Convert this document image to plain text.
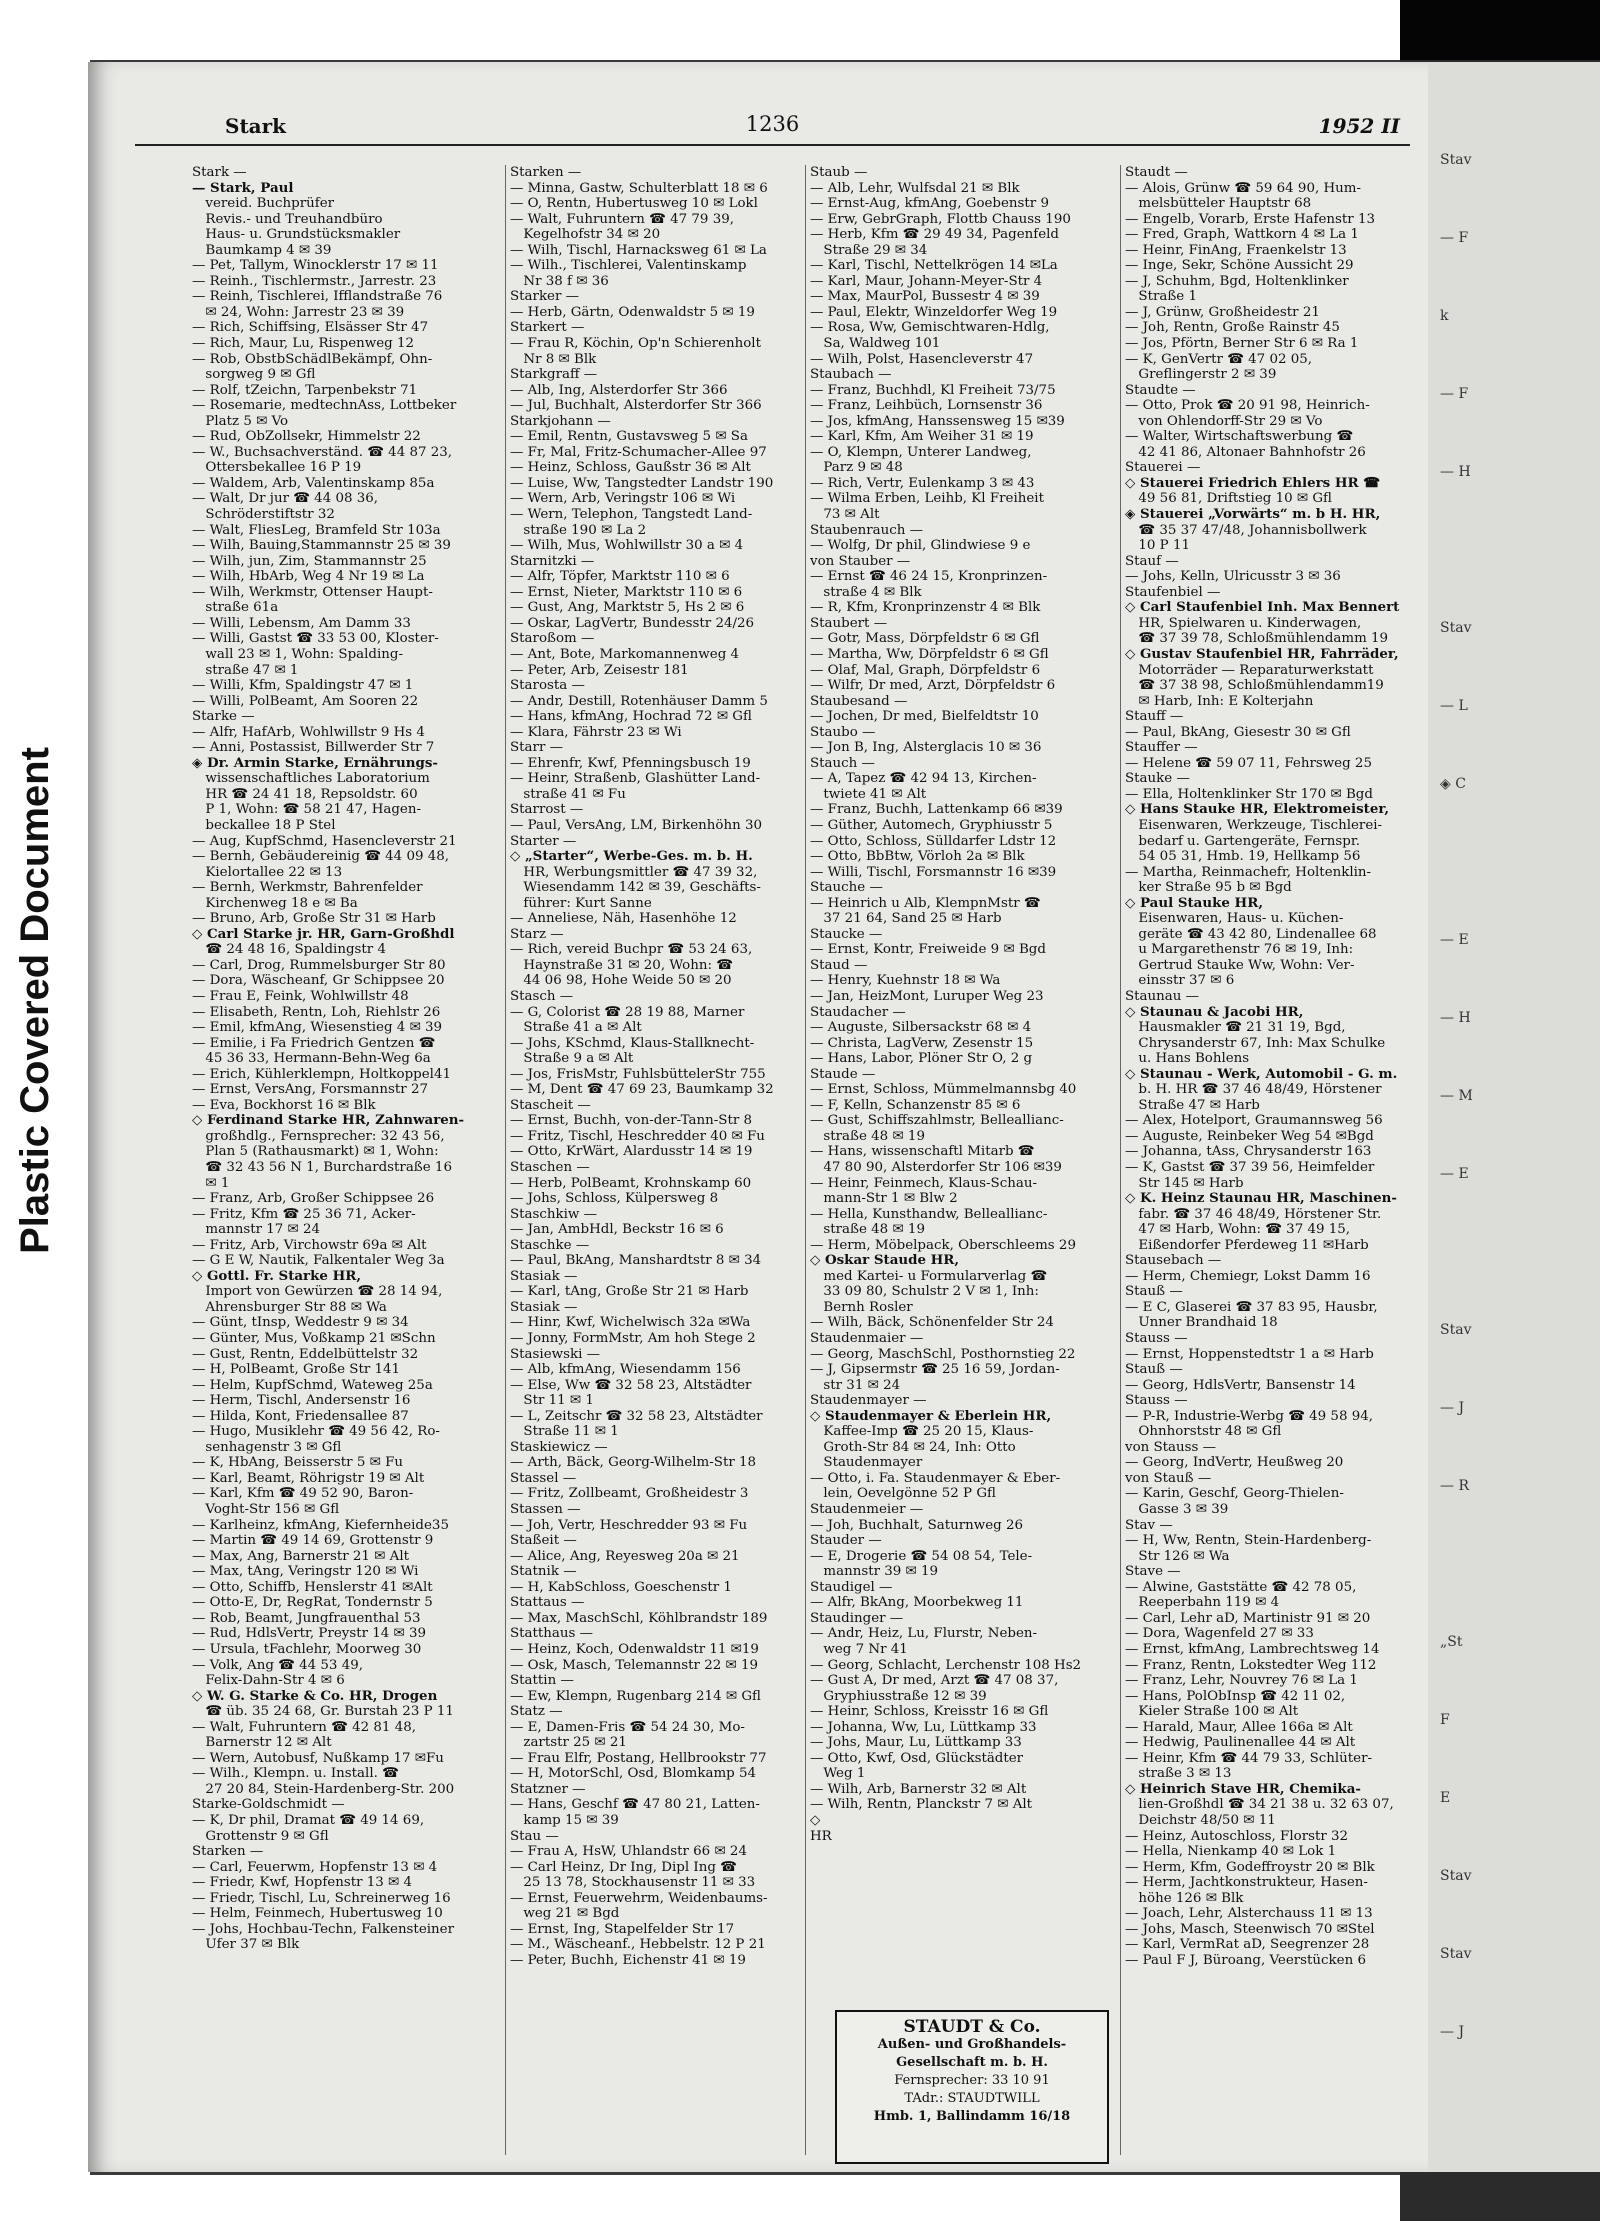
Plastic Covered Document
Stav
— F
k
— F
— H

Stav
— L
◈ C

— E
— H
— M
— E

Stav
— J
— R

„St
F
E
Stav
Stav
— J
Stark	1236	1952 II
Stark —
— Stark, Paul
 vereid. Buchprüfer
 Revis.- und Treuhandbüro
 Haus- u. Grundstücksmakler
 Baumkamp 4 ✉ 39
— Pet, Tallym, Winocklerstr 17 ✉ 11
— Reinh., Tischlermstr., Jarrestr. 23
— Reinh, Tischlerei, Ifflandstraße 76
 ✉ 24, Wohn: Jarrestr 23 ✉ 39
— Rich, Schiffsing, Elsässer Str 47
— Rich, Maur, Lu, Rispenweg 12
— Rob, ObstbSchädlBekämpf, Ohn-
 sorgweg 9 ✉ Gfl
— Rolf, tZeichn, Tarpenbekstr 71
— Rosemarie, medtechnAss, Lottbeker
 Platz 5 ✉ Vo
— Rud, ObZollsekr, Himmelstr 22
— W., Buchsachverständ. ☎ 44 87 23,
 Ottersbekallee 16 P 19
— Waldem, Arb, Valentinskamp 85a
— Walt, Dr jur ☎ 44 08 36,
 Schröderstiftstr 32
— Walt, FliesLeg, Bramfeld Str 103a
— Wilh, Bauing,Stammannstr 25 ✉ 39
— Wilh, jun, Zim, Stammannstr 25
— Wilh, HbArb, Weg 4 Nr 19 ✉ La
— Wilh, Werkmstr, Ottenser Haupt-
 straße 61a
— Willi, Lebensm, Am Damm 33
— Willi, Gastst ☎ 33 53 00, Kloster-
 wall 23 ✉ 1, Wohn: Spalding-
 straße 47 ✉ 1
— Willi, Kfm, Spaldingstr 47 ✉ 1
— Willi, PolBeamt, Am Sooren 22
Starke —
— Alfr, HafArb, Wohlwillstr 9 Hs 4
— Anni, Postassist, Billwerder Str 7
◈ Dr. Armin Starke, Ernährungs-
 wissenschaftliches Laboratorium
 HR ☎ 24 41 18, Repsoldstr. 60
 P 1, Wohn: ☎ 58 21 47, Hagen-
 beckallee 18 P Stel
— Aug, KupfSchmd, Hasencleverstr 21
— Bernh, Gebäudereinig ☎ 44 09 48,
 Kielortallee 22 ✉ 13
— Bernh, Werkmstr, Bahrenfelder
 Kirchenweg 18 e ✉ Ba
— Bruno, Arb, Große Str 31 ✉ Harb
◇ Carl Starke jr. HR, Garn-Großhdl
 ☎ 24 48 16, Spaldingstr 4
— Carl, Drog, Rummelsburger Str 80
— Dora, Wäscheanf, Gr Schippsee 20
— Frau E, Feink, Wohlwillstr 48
— Elisabeth, Rentn, Loh, Riehlstr 26
— Emil, kfmAng, Wiesenstieg 4 ✉ 39
— Emilie, i Fa Friedrich Gentzen ☎
 45 36 33, Hermann-Behn-Weg 6a
— Erich, Kühlerklempn, Holtkoppel41
— Ernst, VersAng, Forsmannstr 27
— Eva, Bockhorst 16 ✉ Blk
◇ Ferdinand Starke HR, Zahnwaren-
 großhdlg., Fernsprecher: 32 43 56,
 Plan 5 (Rathausmarkt) ✉ 1, Wohn:
 ☎ 32 43 56 N 1, Burchardstraße 16
 ✉ 1
— Franz, Arb, Großer Schippsee 26
— Fritz, Kfm ☎ 25 36 71, Acker-
 mannstr 17 ✉ 24
— Fritz, Arb, Virchowstr 69a ✉ Alt
— G E W, Nautik, Falkentaler Weg 3a
◇ Gottl. Fr. Starke HR,
 Import von Gewürzen ☎ 28 14 94,
 Ahrensburger Str 88 ✉ Wa
— Günt, tInsp, Weddestr 9 ✉ 34
— Günter, Mus, Voßkamp 21 ✉Schn
— Gust, Rentn, Eddelbüttelstr 32
— H, PolBeamt, Große Str 141
— Helm, KupfSchmd, Wateweg 25a
— Herm, Tischl, Andersenstr 16
— Hilda, Kont, Friedensallee 87
— Hugo, Musiklehr ☎ 49 56 42, Ro-
 senhagenstr 3 ✉ Gfl
— K, HbAng, Beisserstr 5 ✉ Fu
— Karl, Beamt, Röhrigstr 19 ✉ Alt
— Karl, Kfm ☎ 49 52 90, Baron-
 Voght-Str 156 ✉ Gfl
— Karlheinz, kfmAng, Kiefernheide35
— Martin ☎ 49 14 69, Grottenstr 9
— Max, Ang, Barnerstr 21 ✉ Alt
— Max, tAng, Veringstr 120 ✉ Wi
— Otto, Schiffb, Henslerstr 41 ✉Alt
— Otto-E, Dr, RegRat, Tondernstr 5
— Rob, Beamt, Jungfrauenthal 53
— Rud, HdlsVertr, Preystr 14 ✉ 39
— Ursula, tFachlehr, Moorweg 30
— Volk, Ang ☎ 44 53 49,
 Felix-Dahn-Str 4 ✉ 6
◇ W. G. Starke & Co. HR, Drogen
 ☎ üb. 35 24 68, Gr. Burstah 23 P 11
— Walt, Fuhruntern ☎ 42 81 48,
 Barnerstr 12 ✉ Alt
— Wern, Autobusf, Nußkamp 17 ✉Fu
— Wilh., Klempn. u. Install. ☎
 27 20 84, Stein-Hardenberg-Str. 200
Starke-Goldschmidt —
— K, Dr phil, Dramat ☎ 49 14 69,
 Grottenstr 9 ✉ Gfl
Starken —
— Carl, Feuerwm, Hopfenstr 13 ✉ 4
— Friedr, Kwf, Hopfenstr 13 ✉ 4
— Friedr, Tischl, Lu, Schreinerweg 16
— Helm, Feinmech, Hubertusweg 10
— Johs, Hochbau-Techn, Falkensteiner
 Ufer 37 ✉ Blk
Starken —
— Minna, Gastw, Schulterblatt 18 ✉ 6
— O, Rentn, Hubertusweg 10 ✉ Lokl
— Walt, Fuhruntern ☎ 47 79 39,
 Kegelhofstr 34 ✉ 20
— Wilh, Tischl, Harnacksweg 61 ✉ La
— Wilh., Tischlerei, Valentinskamp
 Nr 38 f ✉ 36
Starker —
— Herb, Gärtn, Odenwaldstr 5 ✉ 19
Starkert —
— Frau R, Köchin, Op'n Schierenholt
 Nr 8 ✉ Blk
Starkgraff —
— Alb, Ing, Alsterdorfer Str 366
— Jul, Buchhalt, Alsterdorfer Str 366
Starkjohann —
— Emil, Rentn, Gustavsweg 5 ✉ Sa
— Fr, Mal, Fritz-Schumacher-Allee 97
— Heinz, Schloss, Gaußstr 36 ✉ Alt
— Luise, Ww, Tangstedter Landstr 190
— Wern, Arb, Veringstr 106 ✉ Wi
— Wern, Telephon, Tangstedt Land-
 straße 190 ✉ La 2
— Wilh, Mus, Wohlwillstr 30 a ✉ 4
Starnitzki —
— Alfr, Töpfer, Marktstr 110 ✉ 6
— Ernst, Nieter, Marktstr 110 ✉ 6
— Gust, Ang, Marktstr 5, Hs 2 ✉ 6
— Oskar, LagVertr, Bundesstr 24/26
Staroßom —
— Ant, Bote, Markomannenweg 4
— Peter, Arb, Zeisestr 181
Starosta —
— Andr, Destill, Rotenhäuser Damm 5
— Hans, kfmAng, Hochrad 72 ✉ Gfl
— Klara, Fährstr 23 ✉ Wi
Starr —
— Ehrenfr, Kwf, Pfenningsbusch 19
— Heinr, Straßenb, Glashütter Land-
 straße 41 ✉ Fu
Starrost —
— Paul, VersAng, LM, Birkenhöhn 30
Starter —
◇ „Starter“, Werbe-Ges. m. b. H.
 HR, Werbungsmittler ☎ 47 39 32,
 Wiesendamm 142 ✉ 39, Geschäfts-
 führer: Kurt Sanne
— Anneliese, Näh, Hasenhöhe 12
Starz —
— Rich, vereid Buchpr ☎ 53 24 63,
 Haynstraße 31 ✉ 20, Wohn: ☎
 44 06 98, Hohe Weide 50 ✉ 20
Stasch —
— G, Colorist ☎ 28 19 88, Marner
 Straße 41 a ✉ Alt
— Johs, KSchmd, Klaus-Stallknecht-
 Straße 9 a ✉ Alt
— Jos, FrisMstr, FuhlsbüttelerStr 755
— M, Dent ☎ 47 69 23, Baumkamp 32
Stascheit —
— Ernst, Buchh, von-der-Tann-Str 8
— Fritz, Tischl, Heschredder 40 ✉ Fu
— Otto, KrWärt, Alardusstr 14 ✉ 19
Staschen —
— Herb, PolBeamt, Krohnskamp 60
— Johs, Schloss, Külpersweg 8
Staschkiw —
— Jan, AmbHdl, Beckstr 16 ✉ 6
Staschke —
— Paul, BkAng, Manshardtstr 8 ✉ 34
Stasiak —
— Karl, tAng, Große Str 21 ✉ Harb
Stasiak —
— Hinr, Kwf, Wichelwisch 32a ✉Wa
— Jonny, FormMstr, Am hoh Stege 2
Stasiewski —
— Alb, kfmAng, Wiesendamm 156
— Else, Ww ☎ 32 58 23, Altstädter
 Str 11 ✉ 1
— L, Zeitschr ☎ 32 58 23, Altstädter
 Straße 11 ✉ 1
Staskiewicz —
— Arth, Bäck, Georg-Wilhelm-Str 18
Stassel —
— Fritz, Zollbeamt, Großheidestr 3
Stassen —
— Joh, Vertr, Heschredder 93 ✉ Fu
Staßeit —
— Alice, Ang, Reyesweg 20a ✉ 21
Statnik —
— H, KabSchloss, Goeschenstr 1
Stattaus —
— Max, MaschSchl, Köhlbrandstr 189
Statthaus —
— Heinz, Koch, Odenwaldstr 11 ✉19
— Osk, Masch, Telemannstr 22 ✉ 19
Stattin —
— Ew, Klempn, Rugenbarg 214 ✉ Gfl
Statz —
— E, Damen-Fris ☎ 54 24 30, Mo-
 zartstr 25 ✉ 21
— Frau Elfr, Postang, Hellbrookstr 77
— H, MotorSchl, Osd, Blomkamp 54
Statzner —
— Hans, Geschf ☎ 47 80 21, Latten-
 kamp 15 ✉ 39
Stau —
— Frau A, HsW, Uhlandstr 66 ✉ 24
— Carl Heinz, Dr Ing, Dipl Ing ☎
 25 13 78, Stockhausenstr 11 ✉ 33
— Ernst, Feuerwehrm, Weidenbaums-
 weg 21 ✉ Bgd
— Ernst, Ing, Stapelfelder Str 17
— M., Wäscheanf., Hebbelstr. 12 P 21
— Peter, Buchh, Eichenstr 41 ✉ 19
Staub —
— Alb, Lehr, Wulfsdal 21 ✉ Blk
— Ernst-Aug, kfmAng, Goebenstr 9
— Erw, GebrGraph, Flottb Chauss 190
— Herb, Kfm ☎ 29 49 34, Pagenfeld
 Straße 29 ✉ 34
— Karl, Tischl, Nettelkrögen 14 ✉La
— Karl, Maur, Johann-Meyer-Str 4
— Max, MaurPol, Bussestr 4 ✉ 39
— Paul, Elektr, Winzeldorfer Weg 19
— Rosa, Ww, Gemischtwaren-Hdlg,
 Sa, Waldweg 101
— Wilh, Polst, Hasencleverstr 47
Staubach —
— Franz, Buchhdl, Kl Freiheit 73/75
— Franz, Leihbüch, Lornsenstr 36
— Jos, kfmAng, Hanssensweg 15 ✉39
— Karl, Kfm, Am Weiher 31 ✉ 19
— O, Klempn, Unterer Landweg,
 Parz 9 ✉ 48
— Rich, Vertr, Eulenkamp 3 ✉ 43
— Wilma Erben, Leihb, Kl Freiheit
 73 ✉ Alt
Staubenrauch —
— Wolfg, Dr phil, Glindwiese 9 e
von Stauber —
— Ernst ☎ 46 24 15, Kronprinzen-
 straße 4 ✉ Blk
— R, Kfm, Kronprinzenstr 4 ✉ Blk
Staubert —
— Gotr, Mass, Dörpfeldstr 6 ✉ Gfl
— Martha, Ww, Dörpfeldstr 6 ✉ Gfl
— Olaf, Mal, Graph, Dörpfeldstr 6
— Wilfr, Dr med, Arzt, Dörpfeldstr 6
Staubesand —
— Jochen, Dr med, Bielfeldtstr 10
Staubo —
— Jon B, Ing, Alsterglacis 10 ✉ 36
Stauch —
— A, Tapez ☎ 42 94 13, Kirchen-
 twiete 41 ✉ Alt
— Franz, Buchh, Lattenkamp 66 ✉39
— Güther, Automech, Gryphiusstr 5
— Otto, Schloss, Sülldarfer Ldstr 12
— Otto, BbBtw, Vörloh 2a ✉ Blk
— Willi, Tischl, Forsmannstr 16 ✉39
Stauche —
— Heinrich u Alb, KlempnMstr ☎
 37 21 64, Sand 25 ✉ Harb
Staucke —
— Ernst, Kontr, Freiweide 9 ✉ Bgd
Staud —
— Henry, Kuehnstr 18 ✉ Wa
— Jan, HeizMont, Luruper Weg 23
Staudacher —
— Auguste, Silbersackstr 68 ✉ 4
— Christa, LagVerw, Zesenstr 15
— Hans, Labor, Plöner Str O, 2 g
Staude —
— Ernst, Schloss, Mümmelmannsbg 40
— F, Kelln, Schanzenstr 85 ✉ 6
— Gust, Schiffszahlmstr, Belleallianc-
 straße 48 ✉ 19
— Hans, wissenschaftl Mitarb ☎
 47 80 90, Alsterdorfer Str 106 ✉39
— Heinr, Feinmech, Klaus-Schau-
 mann-Str 1 ✉ Blw 2
— Hella, Kunsthandw, Belleallianc-
 straße 48 ✉ 19
— Herm, Möbelpack, Oberschleems 29
◇ Oskar Staude HR,
 med Kartei- u Formularverlag ☎
 33 09 80, Schulstr 2 V ✉ 1, Inh:
 Bernh Rosler
— Wilh, Bäck, Schönenfelder Str 24
Staudenmaier —
— Georg, MaschSchl, Posthornstieg 22
— J, Gipsermstr ☎ 25 16 59, Jordan-
 str 31 ✉ 24
Staudenmayer —
◇ Staudenmayer & Eberlein HR,
 Kaffee-Imp ☎ 25 20 15, Klaus-
 Groth-Str 84 ✉ 24, Inh: Otto
 Staudenmayer
— Otto, i. Fa. Staudenmayer & Eber-
 lein, Oevelgönne 52 P Gfl
Staudenmeier —
— Joh, Buchhalt, Saturnweg 26
Stauder —
— E, Drogerie ☎ 54 08 54, Tele-
 mannstr 39 ✉ 19
Staudigel —
— Alfr, BkAng, Moorbekweg 11
Staudinger —
— Andr, Heiz, Lu, Flurstr, Neben-
 weg 7 Nr 41
— Georg, Schlacht, Lerchenstr 108 Hs2
— Gust A, Dr med, Arzt ☎ 47 08 37,
 Gryphiusstraße 12 ✉ 39
— Heinr, Schloss, Kreisstr 16 ✉ Gfl
— Johanna, Ww, Lu, Lüttkamp 33
— Johs, Maur, Lu, Lüttkamp 33
— Otto, Kwf, Osd, Glückstädter
 Weg 1
— Wilh, Arb, Barnerstr 32 ✉ Alt
— Wilh, Rentn, Planckstr 7 ✉ Alt
◇
HR
Staudt —
— Alois, Grünw ☎ 59 64 90, Hum-
 melsbütteler Hauptstr 68
— Engelb, Vorarb, Erste Hafenstr 13
— Fred, Graph, Wattkorn 4 ✉ La 1
— Heinr, FinAng, Fraenkelstr 13
— Inge, Sekr, Schöne Aussicht 29
— J, Schuhm, Bgd, Holtenklinker
 Straße 1
— J, Grünw, Großheidestr 21
— Joh, Rentn, Große Rainstr 45
— Jos, Pförtn, Berner Str 6 ✉ Ra 1
— K, GenVertr ☎ 47 02 05,
 Greflingerstr 2 ✉ 39
Staudte —
— Otto, Prok ☎ 20 91 98, Heinrich-
 von Ohlendorff-Str 29 ✉ Vo
— Walter, Wirtschaftswerbung ☎
 42 41 86, Altonaer Bahnhofstr 26
Stauerei —
◇ Stauerei Friedrich Ehlers HR ☎
 49 56 81, Driftstieg 10 ✉ Gfl
◈ Stauerei „Vorwärts“ m. b H. HR,
 ☎ 35 37 47/48, Johannisbollwerk
 10 P 11
Stauf —
— Johs, Kelln, Ulricusstr 3 ✉ 36
Staufenbiel —
◇ Carl Staufenbiel Inh. Max Bennert
 HR, Spielwaren u. Kinderwagen,
 ☎ 37 39 78, Schloßmühlendamm 19
◇ Gustav Staufenbiel HR, Fahrräder,
 Motorräder — Reparaturwerkstatt
 ☎ 37 38 98, Schloßmühlendamm19
 ✉ Harb, Inh: E Kolterjahn
Stauff —
— Paul, BkAng, Giesestr 30 ✉ Gfl
Stauffer —
— Helene ☎ 59 07 11, Fehrsweg 25
Stauke —
— Ella, Holtenklinker Str 170 ✉ Bgd
◇ Hans Stauke HR, Elektromeister,
 Eisenwaren, Werkzeuge, Tischlerei-
 bedarf u. Gartengeräte, Fernspr.
 54 05 31, Hmb. 19, Hellkamp 56
— Martha, Reinmachefr, Holtenklin-
 ker Straße 95 b ✉ Bgd
◇ Paul Stauke HR,
 Eisenwaren, Haus- u. Küchen-
 geräte ☎ 43 42 80, Lindenallee 68
 u Margarethenstr 76 ✉ 19, Inh:
 Gertrud Stauke Ww, Wohn: Ver-
 einsstr 37 ✉ 6
Staunau —
◇ Staunau & Jacobi HR,
 Hausmakler ☎ 21 31 19, Bgd,
 Chrysanderstr 67, Inh: Max Schulke
 u. Hans Bohlens
◇ Staunau - Werk, Automobil - G. m.
 b. H. HR ☎ 37 46 48/49, Hörstener
 Straße 47 ✉ Harb
— Alex, Hotelport, Graumannsweg 56
— Auguste, Reinbeker Weg 54 ✉Bgd
— Johanna, tAss, Chrysanderstr 163
— K, Gastst ☎ 37 39 56, Heimfelder
 Str 145 ✉ Harb
◇ K. Heinz Staunau HR, Maschinen-
 fabr. ☎ 37 46 48/49, Hörstener Str.
 47 ✉ Harb, Wohn: ☎ 37 49 15,
 Eißendorfer Pferdeweg 11 ✉Harb
Stausebach —
— Herm, Chemiegr, Lokst Damm 16
Stauß —
— E C, Glaserei ☎ 37 83 95, Hausbr,
 Unner Brandhaid 18
Stauss —
— Ernst, Hoppenstedtstr 1 a ✉ Harb
Stauß —
— Georg, HdlsVertr, Bansenstr 14
Stauss —
— P-R, Industrie-Werbg ☎ 49 58 94,
 Ohnhorststr 48 ✉ Gfl
von Stauss —
— Georg, IndVertr, Heußweg 20
von Stauß —
— Karin, Geschf, Georg-Thielen-
 Gasse 3 ✉ 39
Stav —
— H, Ww, Rentn, Stein-Hardenberg-
 Str 126 ✉ Wa
Stave —
— Alwine, Gaststätte ☎ 42 78 05,
 Reeperbahn 119 ✉ 4
— Carl, Lehr aD, Martinistr 91 ✉ 20
— Dora, Wagenfeld 27 ✉ 33
— Ernst, kfmAng, Lambrechtsweg 14
— Franz, Rentn, Lokstedter Weg 112
— Franz, Lehr, Nouvrey 76 ✉ La 1
— Hans, PolObInsp ☎ 42 11 02,
 Kieler Straße 100 ✉ Alt
— Harald, Maur, Allee 166a ✉ Alt
— Hedwig, Paulinenallee 44 ✉ Alt
— Heinr, Kfm ☎ 44 79 33, Schlüter-
 straße 3 ✉ 13
◇ Heinrich Stave HR, Chemika-
 lien-Großhdl ☎ 34 21 38 u. 32 63 07,
 Deichstr 48/50 ✉ 11
— Heinz, Autoschloss, Florstr 32
— Hella, Nienkamp 40 ✉ Lok 1
— Herm, Kfm, Godeffroystr 20 ✉ Blk
— Herm, Jachtkonstrukteur, Hasen-
 höhe 126 ✉ Blk
— Joach, Lehr, Alsterchauss 11 ✉ 13
— Johs, Masch, Steenwisch 70 ✉Stel
— Karl, VermRat aD, Seegrenzer 28
— Paul F J, Büroang, Veerstücken 6
STAUDT & Co.
Außen- und Großhandels-
Gesellschaft m. b. H.
Fernsprecher: 33 10 91
TAdr.: STAUDTWILL
Hmb. 1, Ballindamm 16/18
